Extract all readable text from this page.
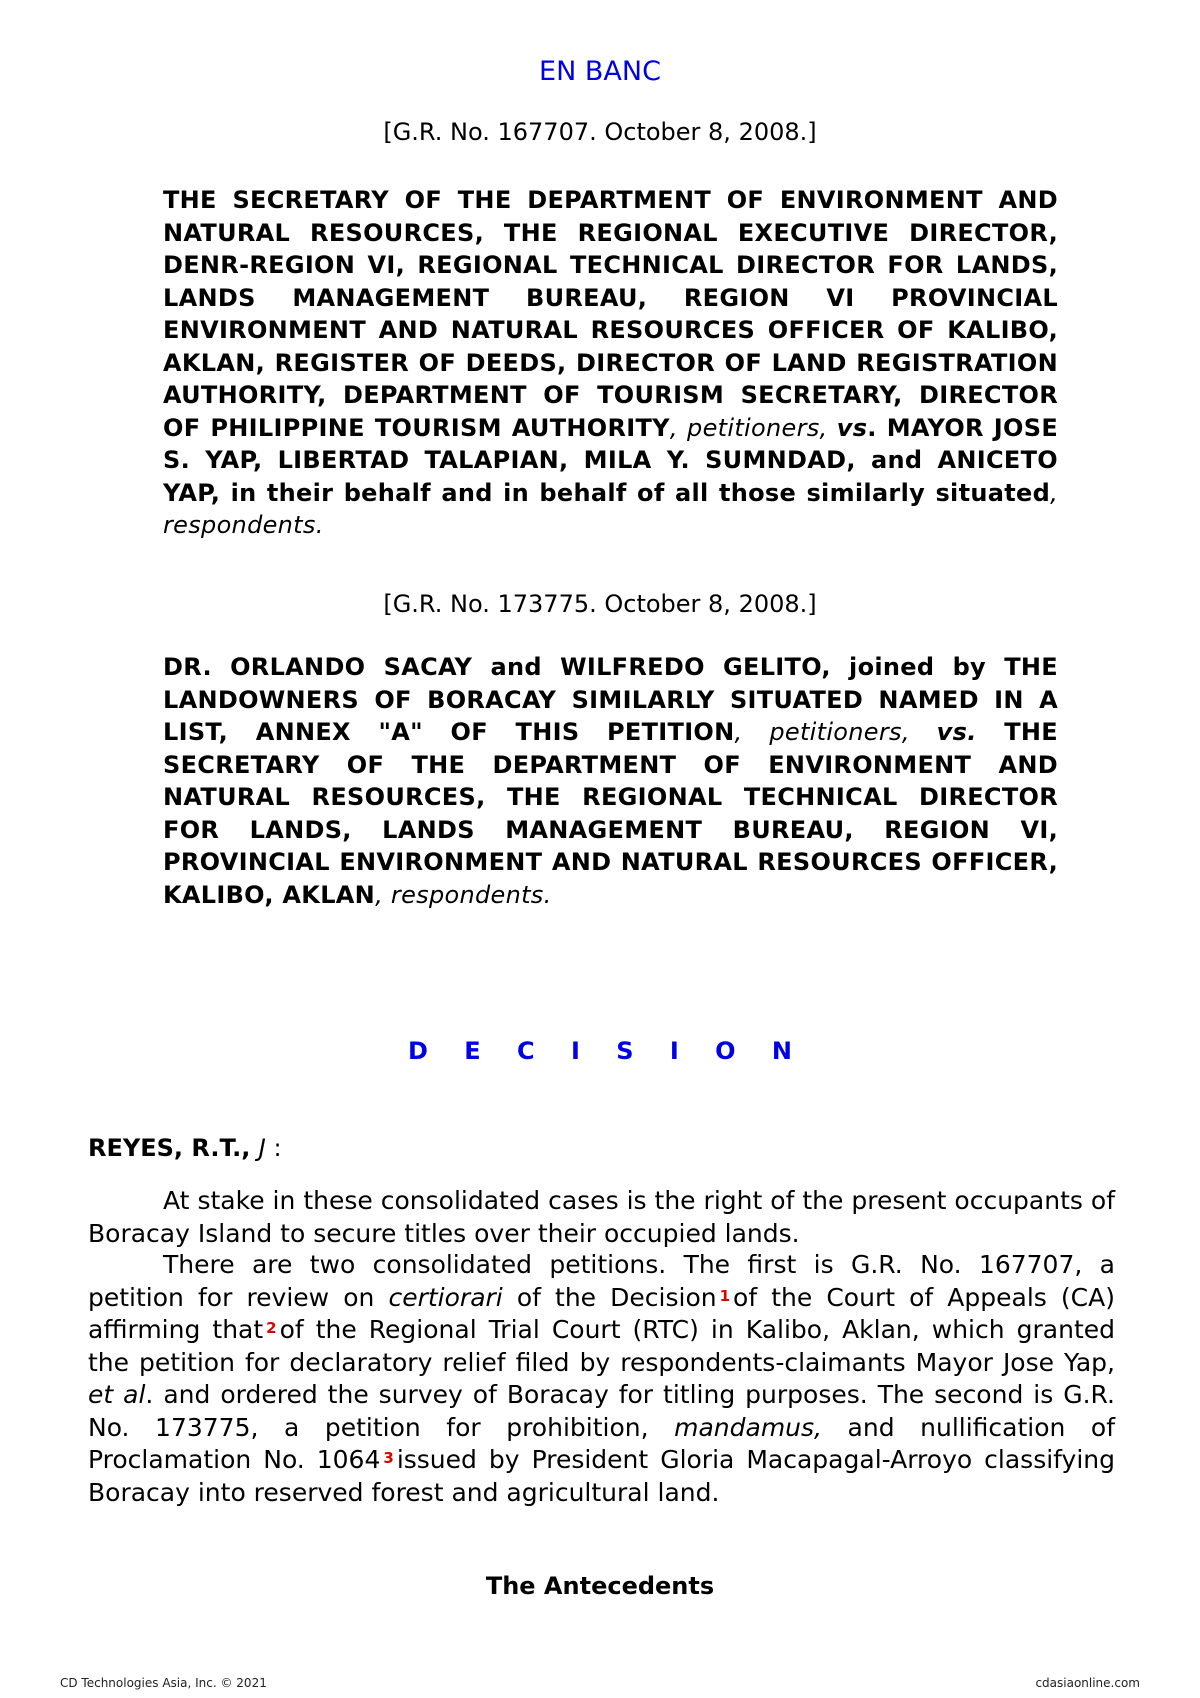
EN BANC
[G.R. No. 167707. October 8, 2008.]
THE SECRETARY OF THE DEPARTMENT OF ENVIRONMENT AND NATURAL RESOURCES, THE REGIONAL EXECUTIVE DIRECTOR, DENR-REGION VI, REGIONAL TECHNICAL DIRECTOR FOR LANDS, LANDS MANAGEMENT BUREAU, REGION VI PROVINCIAL ENVIRONMENT AND NATURAL RESOURCES OFFICER OF KALIBO, AKLAN, REGISTER OF DEEDS, DIRECTOR OF LAND REGISTRATION AUTHORITY, DEPARTMENT OF TOURISM SECRETARY, DIRECTOR OF PHILIPPINE TOURISM AUTHORITY, petitioners, vs. MAYOR JOSE S. YAP, LIBERTAD TALAPIAN, MILA Y. SUMNDAD, and ANICETO YAP, in their behalf and in behalf of all those similarly situated, respondents.
[G.R. No. 173775. October 8, 2008.]
DR. ORLANDO SACAY and WILFREDO GELITO, joined by THE LANDOWNERS OF BORACAY SIMILARLY SITUATED NAMED IN A LIST, ANNEX "A" OF THIS PETITION, petitioners, vs. THE SECRETARY OF THE DEPARTMENT OF ENVIRONMENT AND NATURAL RESOURCES, THE REGIONAL TECHNICAL DIRECTOR FOR LANDS, LANDS MANAGEMENT BUREAU, REGION VI, PROVINCIAL ENVIRONMENT AND NATURAL RESOURCES OFFICER, KALIBO, AKLAN, respondents.
D E C I S I O N
REYES, R.T., J :
At stake in these consolidated cases is the right of the present occupants of Boracay Island to secure titles over their occupied lands.
There are two consolidated petitions. The first is G.R. No. 167707, a petition for review on certiorari of the Decision $^1$ of the Court of Appeals (CA) affirming that $^2$ of the Regional Trial Court (RTC) in Kalibo, Aklan, which granted the petition for declaratory relief filed by respondents-claimants Mayor Jose Yap, et al. and ordered the survey of Boracay for titling purposes. The second is G.R. No. 173775, a petition for prohibition, mandamus, and nullification of Proclamation No. 1064 $^3$ issued by President Gloria Macapagal-Arroyo classifying Boracay into reserved forest and agricultural land.
The Antecedents
CD Technologies Asia, Inc. © 2021	cdasiaonline.com
